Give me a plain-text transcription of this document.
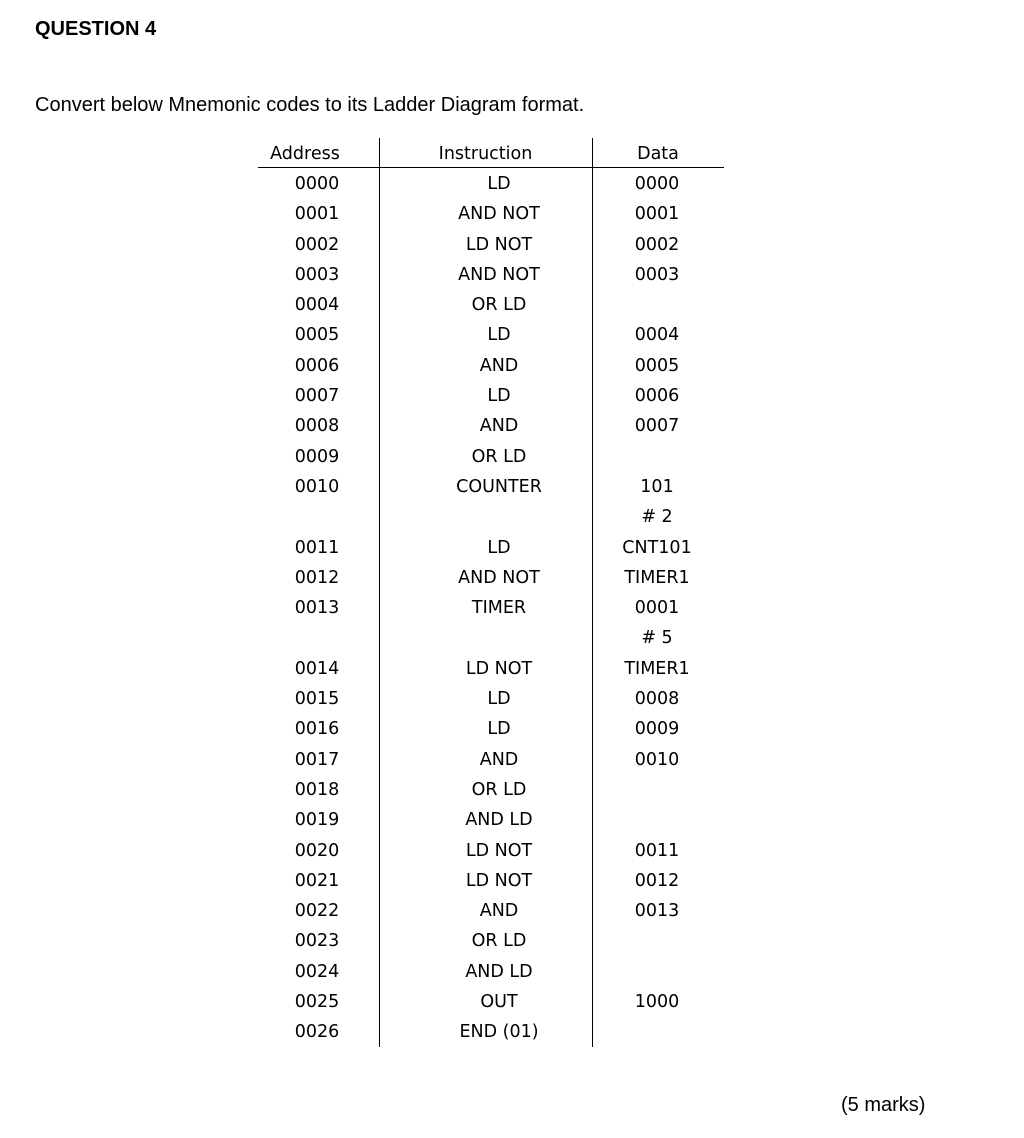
QUESTION 4
Convert below Mnemonic codes to its Ladder Diagram format.
Address	Instruction	Data
0000	LD	0000
0001	AND NOT	0001
0002	LD NOT	0002
0003	AND NOT	0003
0004	OR LD
0005	LD	0004
0006	AND	0005
0007	LD	0006
0008	AND	0007
0009	OR LD
0010	COUNTER	101
# 2
0011	LD	CNT101
0012	AND NOT	TIMER1
0013	TIMER	0001
# 5
0014	LD NOT	TIMER1
0015	LD	0008
0016	LD	0009
0017	AND	0010
0018	OR LD
0019	AND LD
0020	LD NOT	0011
0021	LD NOT	0012
0022	AND	0013
0023	OR LD
0024	AND LD
0025	OUT	1000
0026	END (01)
(5 marks)
